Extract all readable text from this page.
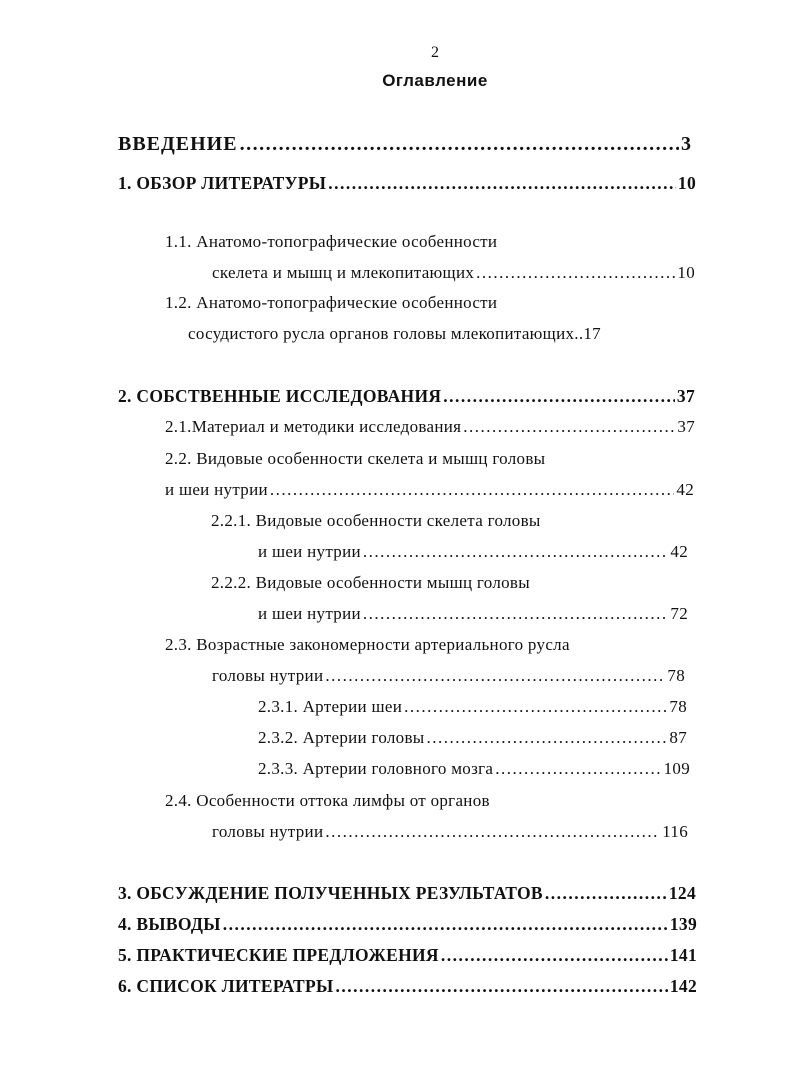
2
Оглавление
ВВЕДЕНИЕ .....	3
1. ОБЗОР ЛИТЕРАТУРЫ .....	10
1.1. Анатомо-топографические особенности
скелета и мышц и млекопитающих .....	10
1.2. Анатомо-топографические особенности
сосудистого русла органов головы млекопитающих..17
2. СОБСТВЕННЫЕ ИССЛЕДОВАНИЯ .....	37
2.1.Материал и методики исследования .....	37
2.2. Видовые особенности скелета и мышц головы
и шеи нутрии .....	42
2.2.1. Видовые особенности скелета головы
и шеи нутрии .....	42
2.2.2. Видовые особенности мышц головы
и шеи нутрии .....	72
2.3. Возрастные закономерности артериального русла
головы нутрии .....	78
2.3.1. Артерии шеи .....	78
2.3.2. Артерии головы .....	87
2.3.3. Артерии головного мозга .....	109
2.4. Особенности оттока лимфы от органов
головы нутрии .....	116
3. ОБСУЖДЕНИЕ ПОЛУЧЕННЫХ РЕЗУЛЬТАТОВ .....	124
4. ВЫВОДЫ .....	139
5. ПРАКТИЧЕСКИЕ ПРЕДЛОЖЕНИЯ .....	141
6. СПИСОК ЛИТЕРАТРЫ .....	142
